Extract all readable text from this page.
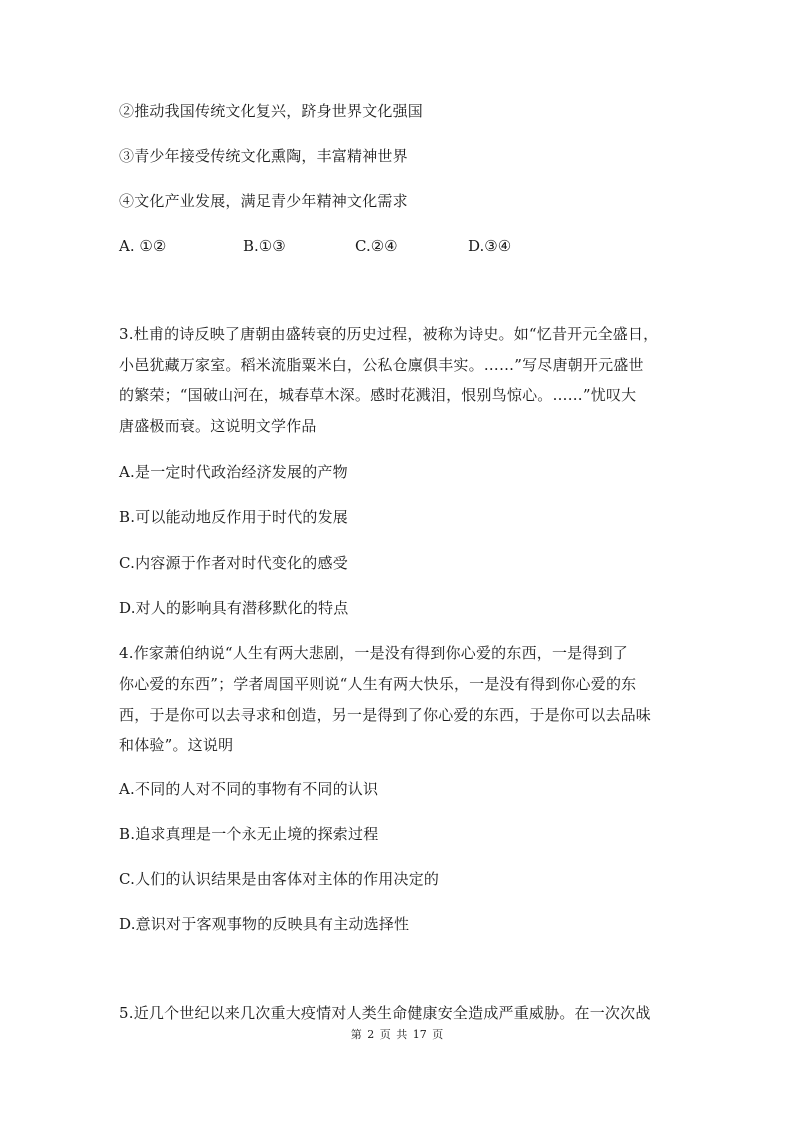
②推动我国传统文化复兴，跻身世界文化强国
③青少年接受传统文化熏陶，丰富精神世界
④文化产业发展，满足青少年精神文化需求
A. ①②	B.①③	C.②④	D.③④
3.杜甫的诗反映了唐朝由盛转衰的历史过程，被称为诗史。如“忆昔开元全盛日，
小邑犹藏万家室。稻米流脂粟米白，公私仓廪俱丰实。……”写尽唐朝开元盛世
的繁荣；“国破山河在，城春草木深。感时花溅泪，恨别鸟惊心。……”忧叹大
唐盛极而衰。这说明文学作品
A.是一定时代政治经济发展的产物
B.可以能动地反作用于时代的发展
C.内容源于作者对时代变化的感受
D.对人的影响具有潜移默化的特点
4.作家萧伯纳说“人生有两大悲剧，一是没有得到你心爱的东西，一是得到了
你心爱的东西”；学者周国平则说“人生有两大快乐，一是没有得到你心爱的东
西，于是你可以去寻求和创造，另一是得到了你心爱的东西，于是你可以去品味
和体验”。这说明
A.不同的人对不同的事物有不同的认识
B.追求真理是一个永无止境的探索过程
C.人们的认识结果是由客体对主体的作用决定的
D.意识对于客观事物的反映具有主动选择性
5.近几个世纪以来几次重大疫情对人类生命健康安全造成严重威胁。在一次次战
第 2 页 共 17 页
